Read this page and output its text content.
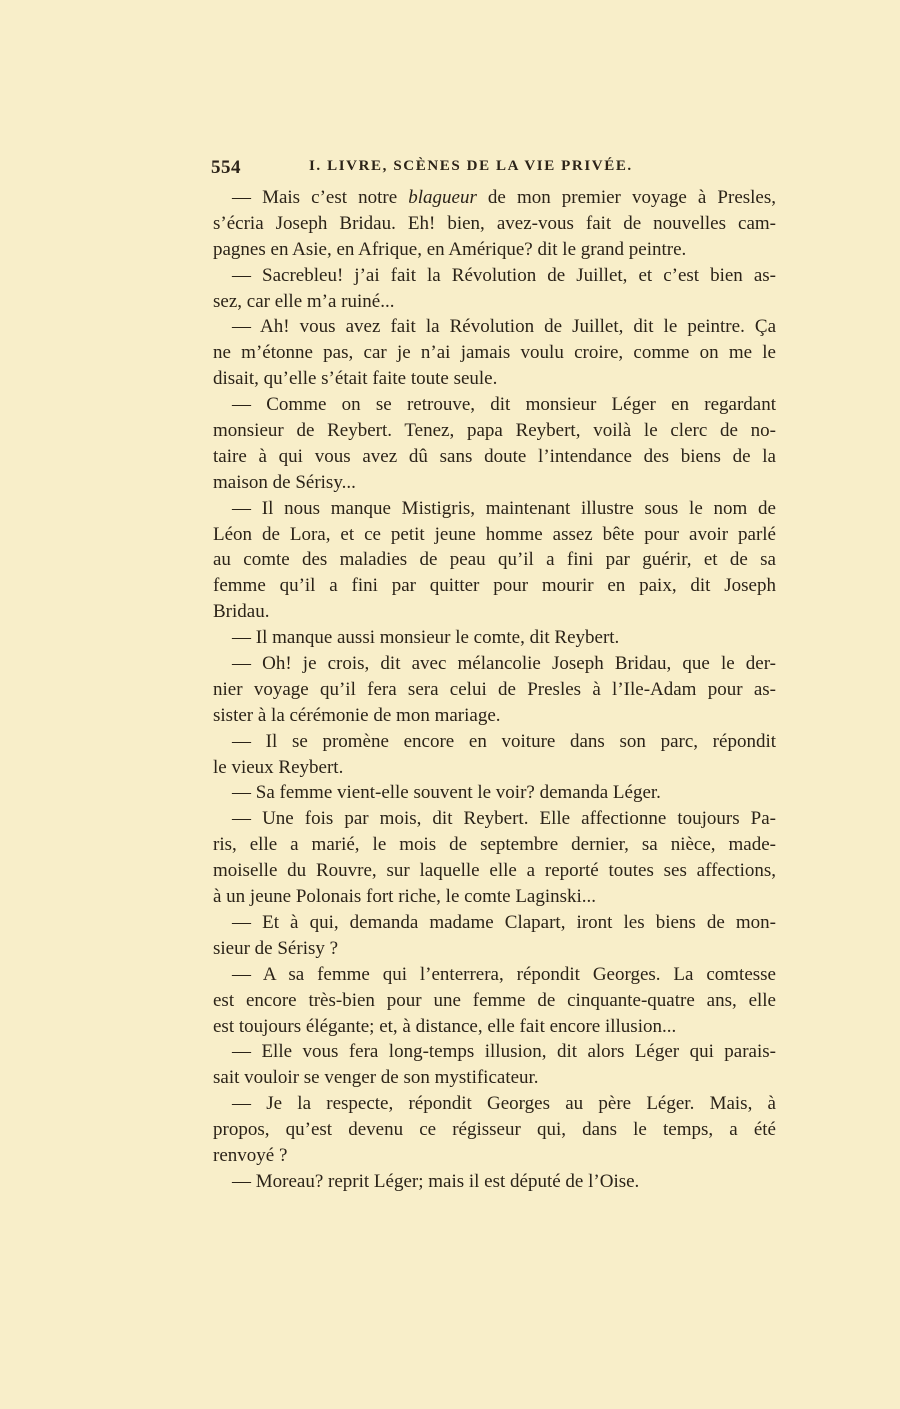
554	I. LIVRE, SCÈNES DE LA VIE PRIVÉE.
— Mais c’est notre blagueur de mon premier voyage à Presles,
s’écria Joseph Bridau. Eh! bien, avez-vous fait de nouvelles cam-
pagnes en Asie, en Afrique, en Amérique? dit le grand peintre.
— Sacrebleu! j’ai fait la Révolution de Juillet, et c’est bien as-
sez, car elle m’a ruiné...
— Ah! vous avez fait la Révolution de Juillet, dit le peintre. Ça
ne m’étonne pas, car je n’ai jamais voulu croire, comme on me le
disait, qu’elle s’était faite toute seule.
— Comme on se retrouve, dit monsieur Léger en regardant
monsieur de Reybert. Tenez, papa Reybert, voilà le clerc de no-
taire à qui vous avez dû sans doute l’intendance des biens de la
maison de Sérisy...
— Il nous manque Mistigris, maintenant illustre sous le nom de
Léon de Lora, et ce petit jeune homme assez bête pour avoir parlé
au comte des maladies de peau qu’il a fini par guérir, et de sa
femme qu’il a fini par quitter pour mourir en paix, dit Joseph
Bridau.
— Il manque aussi monsieur le comte, dit Reybert.
— Oh! je crois, dit avec mélancolie Joseph Bridau, que le der-
nier voyage qu’il fera sera celui de Presles à l’Ile-Adam pour as-
sister à la cérémonie de mon mariage.
— Il se promène encore en voiture dans son parc, répondit
le vieux Reybert.
— Sa femme vient-elle souvent le voir? demanda Léger.
— Une fois par mois, dit Reybert. Elle affectionne toujours Pa-
ris, elle a marié, le mois de septembre dernier, sa nièce, made-
moiselle du Rouvre, sur laquelle elle a reporté toutes ses affections,
à un jeune Polonais fort riche, le comte Laginski...
— Et à qui, demanda madame Clapart, iront les biens de mon-
sieur de Sérisy ?
— A sa femme qui l’enterrera, répondit Georges. La comtesse
est encore très-bien pour une femme de cinquante-quatre ans, elle
est toujours élégante; et, à distance, elle fait encore illusion...
— Elle vous fera long-temps illusion, dit alors Léger qui parais-
sait vouloir se venger de son mystificateur.
— Je la respecte, répondit Georges au père Léger. Mais, à
propos, qu’est devenu ce régisseur qui, dans le temps, a été
renvoyé ?
— Moreau? reprit Léger; mais il est député de l’Oise.
